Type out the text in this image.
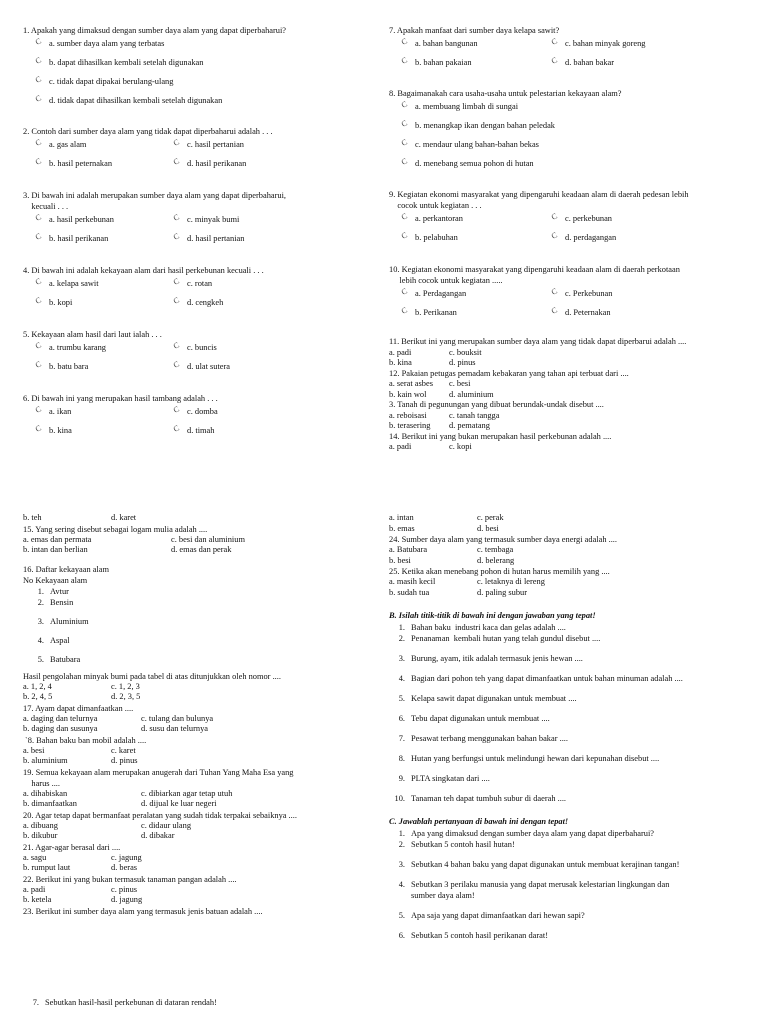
1. Apakah yang dimaksud dengan sumber daya alam yang dapat diperbaharui?
C a. sumber daya alam yang terbatas
C b. dapat dihasilkan kembali setelah digunakan
C c. tidak dapat dipakai berulang-ulang
C d. tidak dapat dihasilkan kembali setelah digunakan
2. Contoh dari sumber daya alam yang tidak dapat diperbaharui adalah . . .
C a. gas alam	C c. hasil pertanian
C b. hasil peternakan	C d. hasil perikanan
3. Di bawah ini adalah merupakan sumber daya alam yang dapat diperbaharui,
kecuali . . .
C a. hasil perkebunan	C c. minyak bumi
C b. hasil perikanan	C d. hasil pertanian
4. Di bawah ini adalah kekayaan alam dari hasil perkebunan kecuali . . .
C a. kelapa sawit	C c. rotan
C b. kopi	C d. cengkeh
5. Kekayaan alam hasil dari laut ialah . . .
C a. trumbu karang	C c. buncis
C b. batu bara	C d. ulat sutera
6. Di bawah ini yang merupakan hasil tambang adalah . . .
C a. ikan	C c. domba
C b. kina	C d. timah
7. Apakah manfaat dari sumber daya kelapa sawit?
C a. bahan bangunan	C c. bahan minyak goreng
C b. bahan pakaian	C d. bahan bakar
8. Bagaimanakah cara usaha-usaha untuk pelestarian kekayaan alam?
C a. membuang limbah di sungai
C b. menangkap ikan dengan bahan peledak
C c. mendaur ulang bahan-bahan bekas
C d. menebang semua pohon di hutan
9. Kegiatan ekonomi masyarakat yang dipengaruhi keadaan alam di daerah pedesan lebih
cocok untuk kegiatan . . .
C a. perkantoran	C c. perkebunan
C b. pelabuhan	C d. perdagangan
10. Kegiatan ekonomi masyarakat yang dipengaruhi keadaan alam di daerah perkotaan
lebih cocok untuk kegiatan .....
C a. Perdagangan	C c. Perkebunan
C b. Perikanan	C d. Peternakan
11. Berikut ini yang merupakan sumber daya alam yang tidak dapat diperbarui adalah ....
a. padi	c. bouksit
b. kina	d. pinus
12. Pakaian petugas pemadam kebakaran yang tahan api terbuat dari ....
a. serat asbes	c. besi
b. kain wol	d. aluminium
3. Tanah di pegunungan yang dibuat berundak-undak disebut ....
a. reboisasi	c. tanah tangga
b. terasering	d. pematang
14. Berikut ini yang bukan merupakan hasil perkebunan adalah ....
a. padi	c. kopi
b. teh	d. karet
15. Yang sering disebut sebagai logam mulia adalah ....
a. emas dan permata	c. besi dan aluminium
b. intan dan berlian	d. emas dan perak
16. Daftar kekayaan alam
No Kekayaan alam
1. Avtur
2. Bensin
3. Aluminium
4. Aspal
5. Batubara
Hasil pengolahan minyak bumi pada tabel di atas ditunjukkan oleh nomor ....
a. 1, 2, 4	c. 1, 2, 3
b. 2, 4, 5	d. 2, 3, 5
17. Ayam dapat dimanfaatkan ....
a. daging dan telurnya	c. tulang dan bulunya
b. daging dan susunya	d. susu dan telurnya
`8. Bahan baku ban mobil adalah ....
a. besi	c. karet
b. aluminium	d. pinus
19. Semua kekayaan alam merupakan anugerah dari Tuhan Yang Maha Esa yang
harus ....
a. dihabiskan	c. dibiarkan agar tetap utuh
b. dimanfaatkan	d. dijual ke luar negeri
20. Agar tetap dapat bermanfaat peralatan yang sudah tidak terpakai sebaiknya ....
a. dibuang	c. didaur ulang
b. dikubur	d. dibakar
21. Agar-agar berasal dari ....
a. sagu	c. jagung
b. rumput laut	d. beras
22. Berikut ini yang bukan termasuk tanaman pangan adalah ....
a. padi	c. pinus
b. ketela	d. jagung
23. Berikut ini sumber daya alam yang termasuk jenis batuan adalah ....
a. intan	c. perak
b. emas	d. besi
24. Sumber daya alam yang termasuk sumber daya energi adalah ....
a. Batubara	c. tembaga
b. besi	d. belerang
25. Ketika akan menebang pohon di hutan harus memilih yang ....
a. masih kecil	c. letaknya di lereng
b. sudah tua	d. paling subur
B. Isilah titik-titik di bawah ini dengan jawaban yang tepat!
1. Bahan baku  industri kaca dan gelas adalah ....
2. Penanaman  kembali hutan yang telah gundul disebut ....
3. Burung, ayam, itik adalah termasuk jenis hewan ....
4. Bagian dari pohon teh yang dapat dimanfaatkan untuk bahan minuman adalah ....
5. Kelapa sawit dapat digunakan untuk membuat ....
6. Tebu dapat digunakan untuk membuat ....
7. Pesawat terbang menggunakan bahan bakar ....
8. Hutan yang berfungsi untuk melindungi hewan dari kepunahan disebut ....
9. PLTA singkatan dari ....
10. Tanaman teh dapat tumbuh subur di daerah ....
C. Jawablah pertanyaan di bawah ini dengan tepat!
1. Apa yang dimaksud dengan sumber daya alam yang dapat diperbaharui?
2. Sebutkan 5 contoh hasil hutan!
3. Sebutkan 4 bahan baku yang dapat digunakan untuk membuat kerajinan tangan!
4. Sebutkan 3 perilaku manusia yang dapat merusak kelestarian lingkungan dan
sumber daya alam!
5. Apa saja yang dapat dimanfaatkan dari hewan sapi?
6. Sebutkan 5 contoh hasil perikanan darat!
7. Sebutkan hasil-hasil perkebunan di dataran rendah!
